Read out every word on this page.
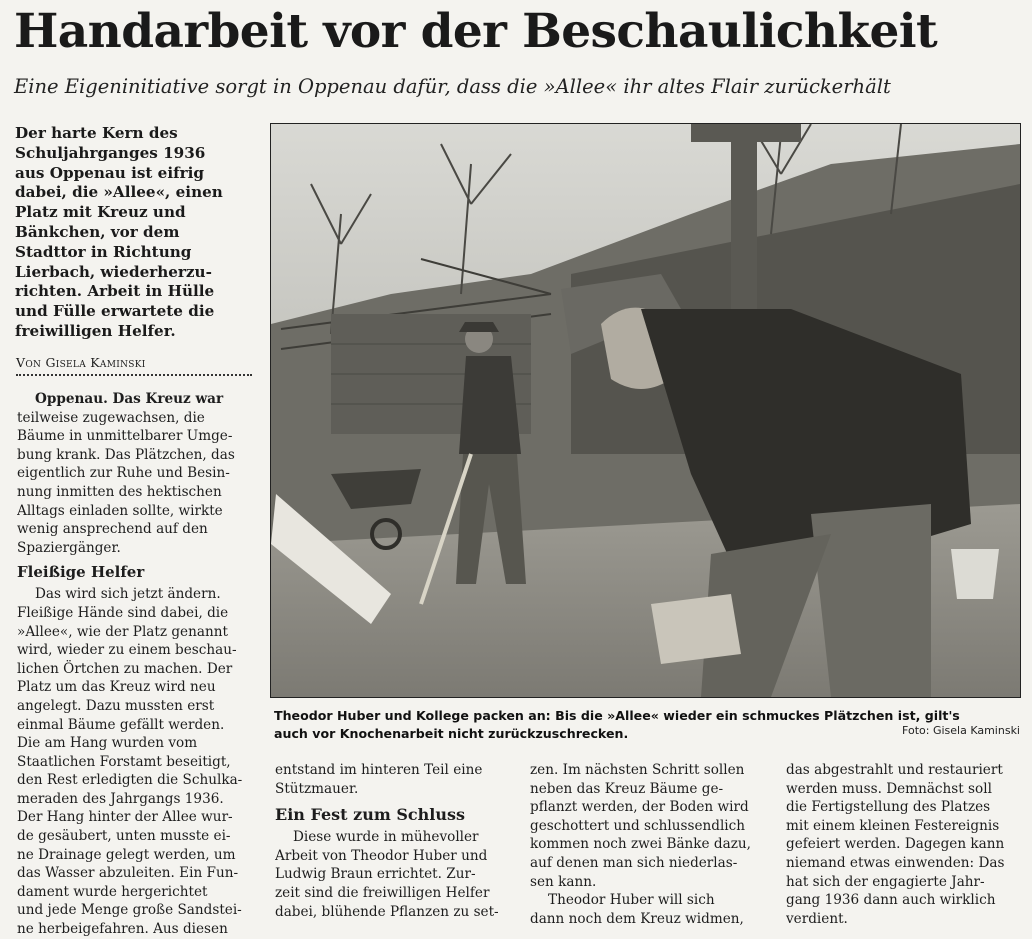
Handarbeit vor der Beschaulichkeit
Eine Eigeninitiative sorgt in Oppenau dafür, dass die »Allee« ihr altes Flair zurückerhält
Der harte Kern des
Schuljahrganges 1936
aus Oppenau ist eifrig
dabei, die »Allee«, einen
Platz mit Kreuz und
Bänkchen, vor dem
Stadttor in Richtung
Lierbach, wiederherzu-
richten. Arbeit in Hülle
und Fülle erwartete die
freiwilligen Helfer.
Von Gisela Kaminski
Oppenau. Das Kreuz war
teilweise zugewachsen, die
Bäume in unmittelbarer Umge-
bung krank. Das Plätzchen, das
eigentlich zur Ruhe und Besin-
nung inmitten des hektischen
Alltags einladen sollte, wirkte
wenig ansprechend auf den
Spaziergänger.
Fleißige Helfer
Das wird sich jetzt ändern.
Fleißige Hände sind dabei, die
»Allee«, wie der Platz genannt
wird, wieder zu einem beschau-
lichen Örtchen zu machen. Der
Platz um das Kreuz wird neu
angelegt. Dazu mussten erst
einmal Bäume gefällt werden.
Die am Hang wurden vom
Staatlichen Forstamt beseitigt,
den Rest erledigten die Schulka-
meraden des Jahrgangs 1936.
Der Hang hinter der Allee wur-
de gesäubert, unten musste ei-
ne Drainage gelegt werden, um
das Wasser abzuleiten. Ein Fun-
dament wurde hergerichtet
und jede Menge große Sandstei-
ne herbeigefahren. Aus diesen
Theodor Huber und Kollege packen an: Bis die »Allee« wieder ein schmuckes Plätzchen ist, gilt's
auch vor Knochenarbeit nicht zurückzuschrecken.	Foto: Gisela Kaminski
entstand im hinteren Teil eine
Stützmauer.
Ein Fest zum Schluss
Diese wurde in mühevoller
Arbeit von Theodor Huber und
Ludwig Braun errichtet. Zur-
zeit sind die freiwilligen Helfer
dabei, blühende Pflanzen zu set-
zen. Im nächsten Schritt sollen
neben das Kreuz Bäume ge-
pflanzt werden, der Boden wird
geschottert und schlussendlich
kommen noch zwei Bänke dazu,
auf denen man sich niederlas-
sen kann.
Theodor Huber will sich
dann noch dem Kreuz widmen,
das abgestrahlt und restauriert
werden muss. Demnächst soll
die Fertigstellung des Platzes
mit einem kleinen Festereignis
gefeiert werden. Dagegen kann
niemand etwas einwenden: Das
hat sich der engagierte Jahr-
gang 1936 dann auch wirklich
verdient.
